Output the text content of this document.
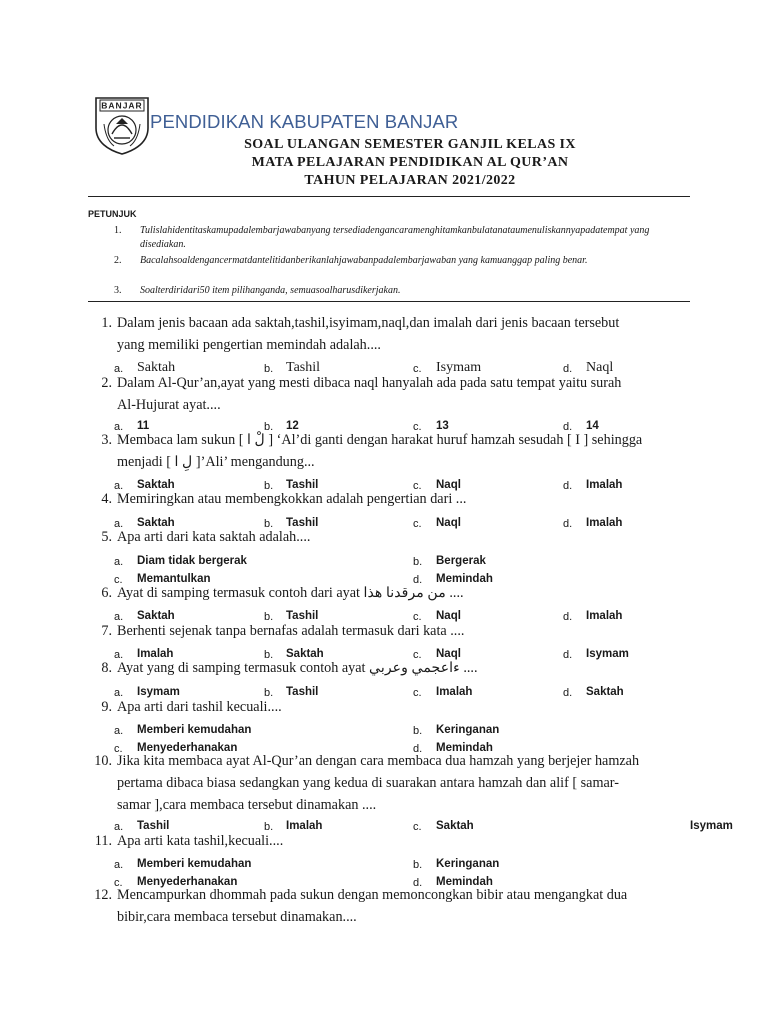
BANJAR
PENDIDIKAN KABUPATEN BANJAR
SOAL ULANGAN SEMESTER GANJIL KELAS IX
MATA PELAJARAN PENDIDIKAN AL QUR’AN
TAHUN PELAJARAN 2021/2022
PETUNJUK
1. Tulislahidentitaskamupadalembarjawabanyang tersediadengancaramenghitamkanbulatanataumenuliskannyapadatempat yang disediakan.
2. Bacalahsoaldengancermatdantelitidanberikanlahjawabanpadalembarjawaban yang kamuanggap paling benar.
3. Soalterdiridari50 item pilihanganda, semuasoalharusdikerjakan.
1. Dalam jenis bacaan ada saktah,tashil,isyimam,naql,dan imalah dari jenis bacaan tersebut
yang memiliki pengertian memindah adalah....
a. Saktah	b. Tashil	c. Isymam	d. Naql
2. Dalam Al-Qur’an,ayat yang mesti dibaca naql hanyalah ada pada satu tempat yaitu surah
Al-Hujurat ayat....
a. 11	b. 12	c. 13	d. 14
3. Membaca lam sukun [ لْ ا ] ‘Al’di ganti dengan harakat huruf hamzah sesudah [ I ] sehingga
menjadi [ لِ ا ]’Ali’ mengandung...
a. Saktah	b. Tashil	c. Naql	d. Imalah
4. Memiringkan atau membengkokkan adalah pengertian dari ...
a. Saktah	b. Tashil	c. Naql	d. Imalah
5. Apa arti dari kata saktah adalah....
a. Diam tidak bergerak	b. Bergerak
c. Memantulkan	d. Memindah
6. Ayat di samping termasuk contoh dari ayat من مرقدنا هذا ....
a. Saktah	b. Tashil	c. Naql	d. Imalah
7. Berhenti sejenak tanpa bernafas adalah termasuk dari kata ....
a. Imalah	b. Saktah	c. Naql	d. Isymam
8. Ayat yang di samping termasuk contoh ayat ءاعجمي وعربي ....
a. Isymam	b. Tashil	c. Imalah	d. Saktah
9. Apa arti dari tashil kecuali....
a. Memberi kemudahan	b. Keringanan
c. Menyederhanakan	d. Memindah
10. Jika kita membaca ayat Al-Qur’an dengan cara membaca dua hamzah yang berjejer hamzah
pertama dibaca biasa sedangkan yang kedua di suarakan antara hamzah dan alif [ samar-
samar ],cara membaca tersebut dinamakan ....
a. Tashil	b. Imalah	c. Saktah	Isymam
11. Apa arti kata tashil,kecuali....
a. Memberi kemudahan	b. Keringanan
c. Menyederhanakan	d. Memindah
12. Mencampurkan dhommah pada sukun dengan memoncongkan bibir atau mengangkat dua
bibir,cara membaca tersebut dinamakan....
